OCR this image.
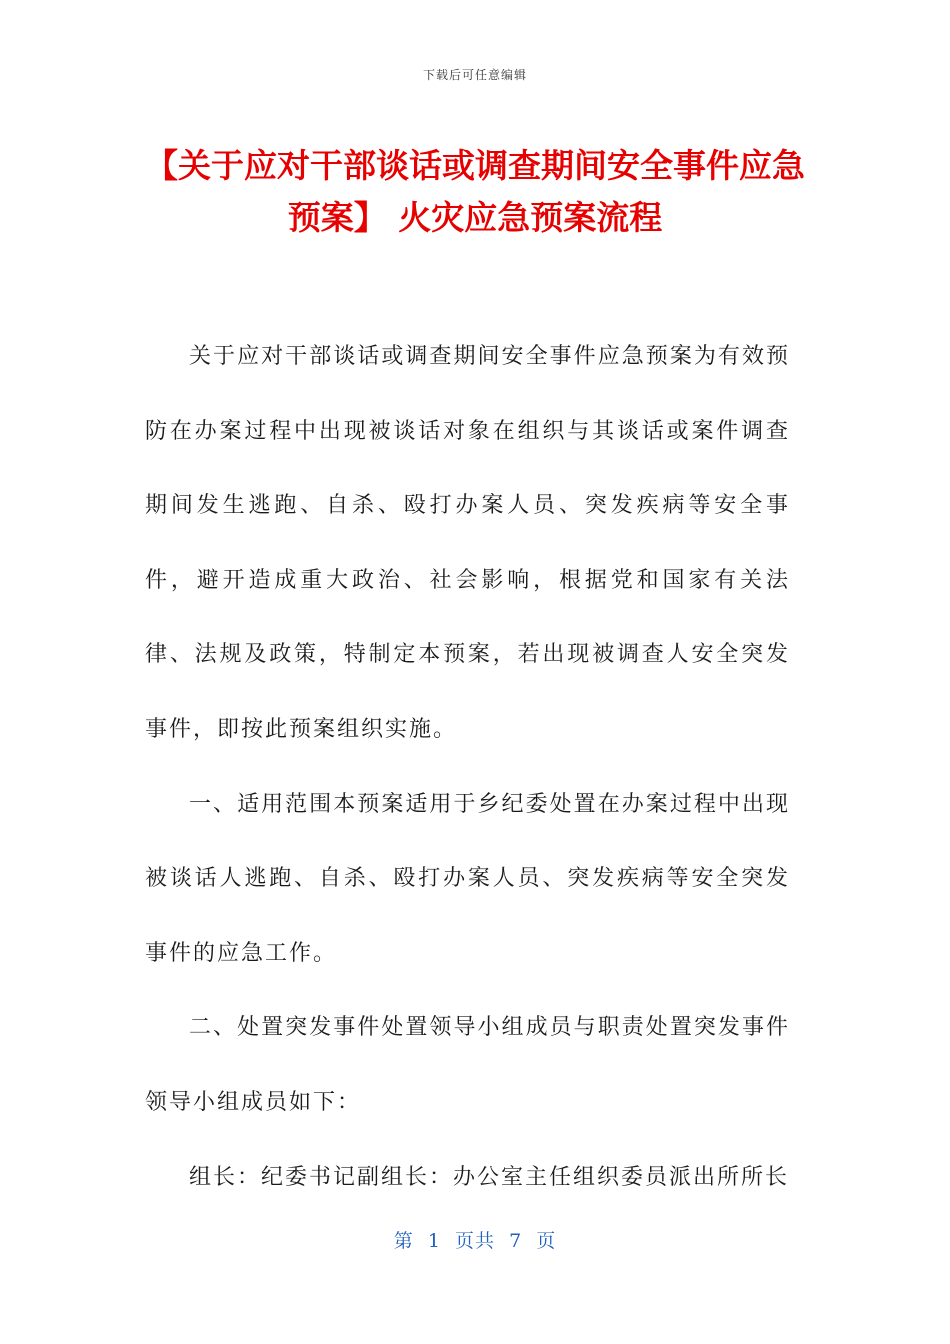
下载后可任意编辑
【关于应对干部谈话或调查期间安全事件应急预案】 火灾应急预案流程

关于应对干部谈话或调查期间安全事件应急预案为有效预防在办案过程中出现被谈话对象在组织与其谈话或案件调查期间发生逃跑、自杀、殴打办案人员、突发疾病等安全事件，避开造成重大政治、社会影响，根据党和国家有关法律、法规及政策，特制定本预案，若出现被调查人安全突发事件，即按此预案组织实施。

一、适用范围本预案适用于乡纪委处置在办案过程中出现被谈话人逃跑、自杀、殴打办案人员、突发疾病等安全突发事件的应急工作。

二、处置突发事件处置领导小组成员与职责处置突发事件领导小组成员如下：

组长：纪委书记副组长：办公室主任组织委员派出所所长

第  1  页共  7  页
